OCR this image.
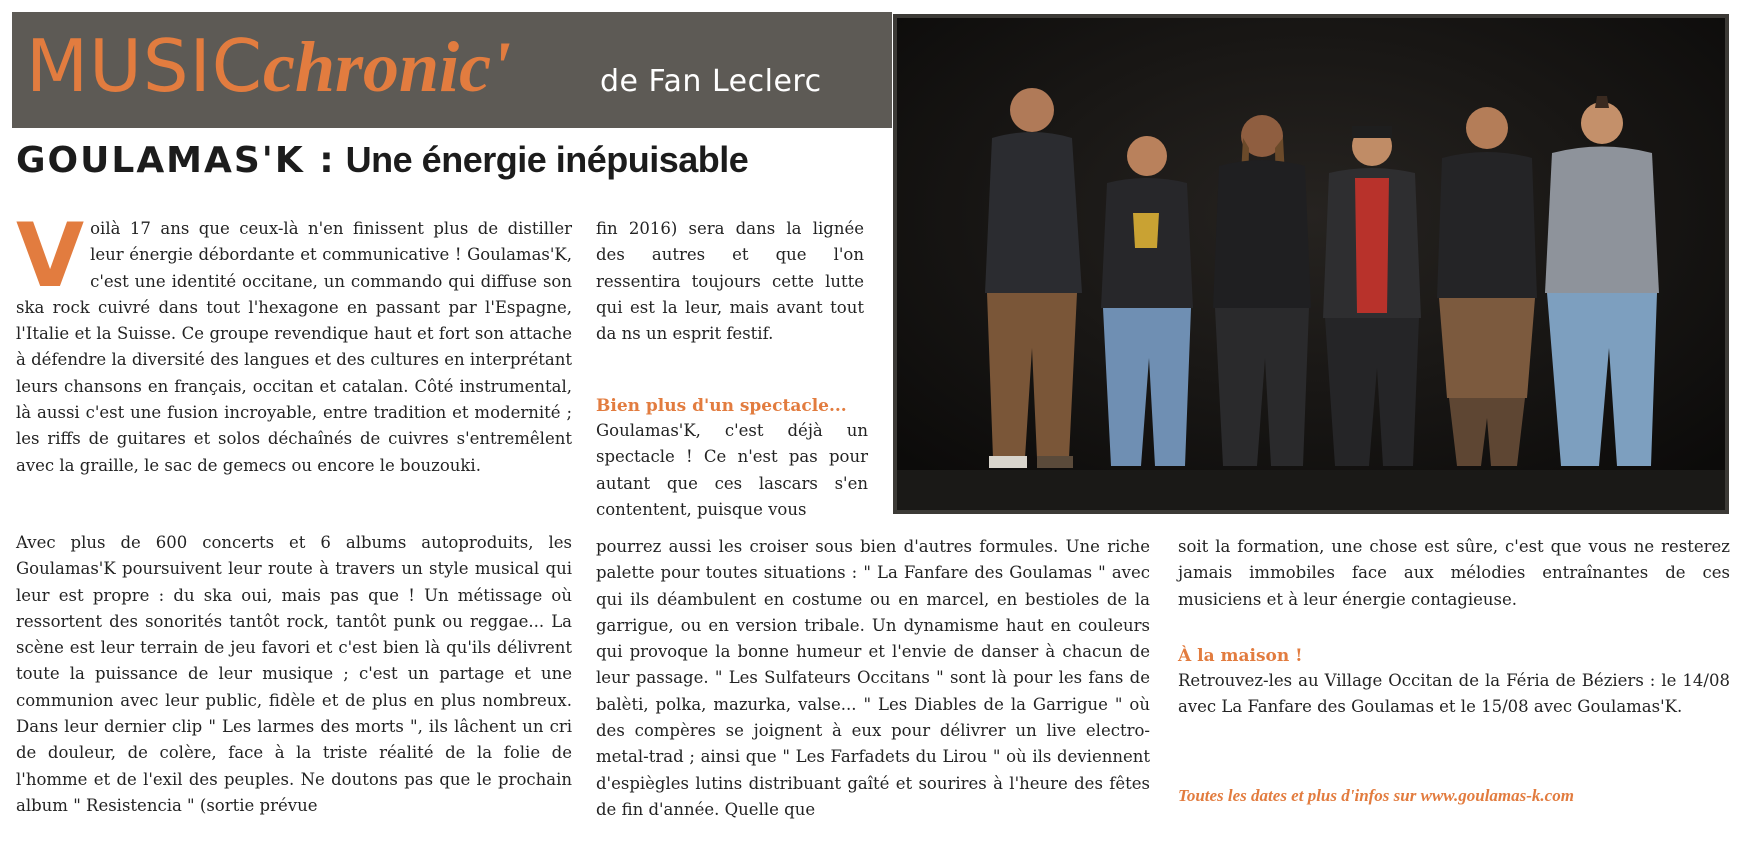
MUSICchronic'	de Fan Leclerc
GOULAMAS'K : Une énergie inépuisable
Voilà 17 ans que ceux-là n'en finissent plus de distiller leur énergie débordante et communicative ! Goulamas'K, c'est une identité occitane, un commando qui diffuse son ska rock cuivré dans tout l'hexagone en passant par l'Espagne, l'Italie et la Suisse. Ce groupe revendique haut et fort son attache à défendre la diversité des langues et des cultures en interprétant leurs chansons en français, occitan et catalan. Côté instrumental, là aussi c'est une fusion incroyable, entre tradition et modernité ; les riffs de guitares et solos déchaînés de cuivres s'entremêlent avec la graille, le sac de gemecs ou encore le bouzouki.
Avec plus de 600 concerts et 6 albums autoproduits, les Goulamas'K poursuivent leur route à travers un style musical qui leur est propre : du ska oui, mais pas que ! Un métissage où ressortent des sonorités tantôt rock, tantôt punk ou reggae... La scène est leur terrain de jeu favori et c'est bien là qu'ils délivrent toute la puissance de leur musique ; c'est un partage et une communion avec leur public, fidèle et de plus en plus nombreux. Dans leur dernier clip " Les larmes des morts ", ils lâchent un cri de douleur, de colère, face à la triste réalité de la folie de l'homme et de l'exil des peuples. Ne doutons pas que le prochain album " Resistencia " (sortie prévue
fin 2016) sera dans la lignée des autres et que l'on ressentira toujours cette lutte qui est la leur, mais avant tout da ns un esprit festif.
Bien plus d'un spectacle...
Goulamas'K, c'est déjà un spectacle ! Ce n'est pas pour autant que ces lascars s'en contentent, puisque vous
pourrez aussi les croiser sous bien d'autres formules. Une riche palette pour toutes situations : " La Fanfare des Goulamas " avec qui ils déambulent en costume ou en marcel, en bestioles de la garrigue, ou en version tribale. Un dynamisme haut en couleurs qui provoque la bonne humeur et l'envie de danser à chacun de leur passage. " Les Sulfateurs Occitans " sont là pour les fans de balèti, polka, mazurka, valse... " Les Diables de la Garrigue " où des compères se joignent à eux pour délivrer un live electro-metal-trad ; ainsi que " Les Farfadets du Lirou " où ils deviennent d'espiègles lutins distribuant gaîté et sourires à l'heure des fêtes de fin d'année. Quelle que
soit la formation, une chose est sûre, c'est que vous ne resterez jamais immobiles face aux mélodies entraînantes de ces musiciens et à leur énergie contagieuse.
À la maison !
Retrouvez-les au Village Occitan de la Féria de Béziers : le 14/08 avec La Fanfare des Goulamas et le 15/08 avec Goulamas'K.
Toutes les dates et plus d'infos sur www.goulamas-k.com
